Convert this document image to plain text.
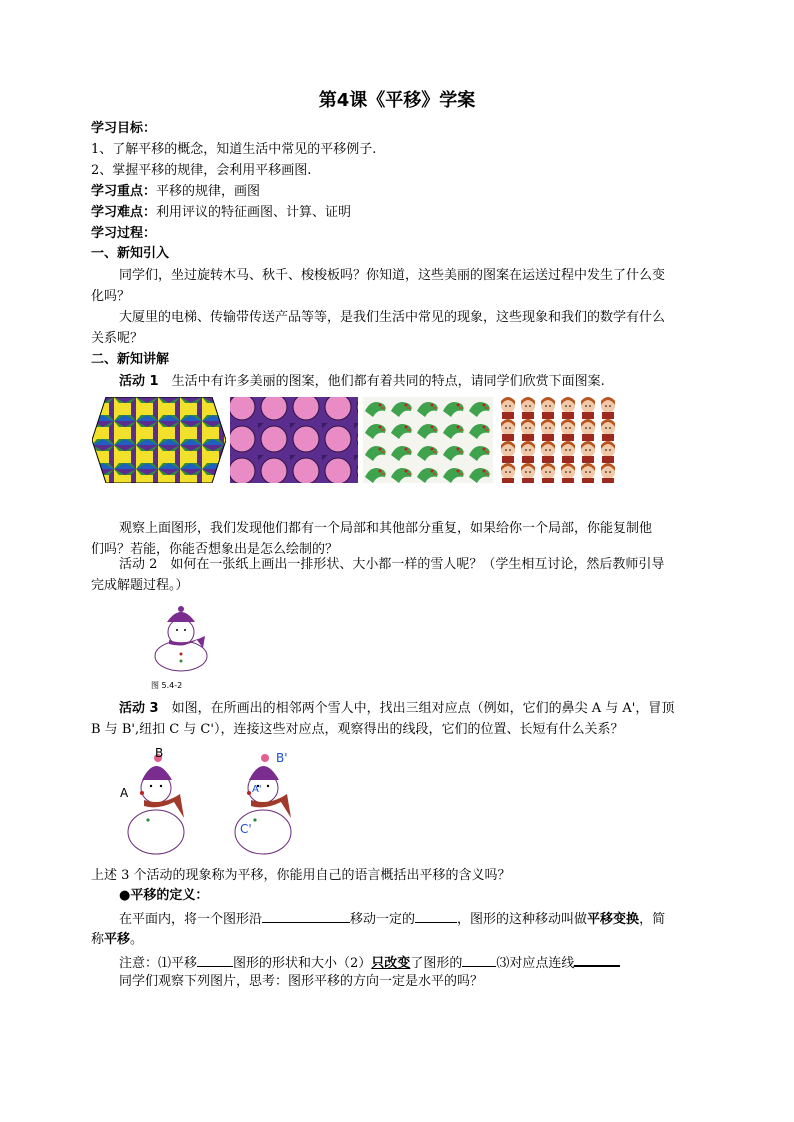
第4课《平移》学案
学习目标：
1、了解平移的概念，知道生活中常见的平移例子.
2、掌握平移的规律，会利用平移画图.
学习重点：平移的规律，画图
学习难点：利用评议的特征画图、计算、证明
学习过程：
一、新知引入
同学们，坐过旋转木马、秋千、梭梭板吗？你知道，这些美丽的图案在运送过程中发生了什么变
化吗？
大厦里的电梯、传输带传送产品等等，是我们生活中常见的现象，这些现象和我们的数学有什么
关系呢？
二、新知讲解
活动 1　 生活中有许多美丽的图案，他们都有着共同的特点，请同学们欣赏下面图案.
观察上面图形，我们发现他们都有一个局部和其他部分重复，如果给你一个局部，你能复制他
们吗？若能，你能否想象出是怎么绘制的？
活动 2　如何在一张纸上画出一排形状、大小都一样的雪人呢？（学生相互讨论，然后教师引导
完成解题过程。）
图 5.4-2
活动 3　 如图，在所画出的相邻两个雪人中，找出三组对应点（例如，它们的鼻尖 A 与 A'，冒顶
B 与 B',纽扣 C 与 C'），连接这些对应点，观察得出的线段，它们的位置、长短有什么关系？
A
B
A'
B'
C'
上述 3 个活动的现象称为平移，你能用自己的语言概括出平移的含义吗？
●平移的定义：
在平面内，将一个图形沿	移动一定的	，图形的这种移动叫做平移变换，简
称平移。
注意：⑴平移	图形的形状和大小（2）只改变了图形的	⑶对应点连线
同学们观察下列图片，思考：图形平移的方向一定是水平的吗？
